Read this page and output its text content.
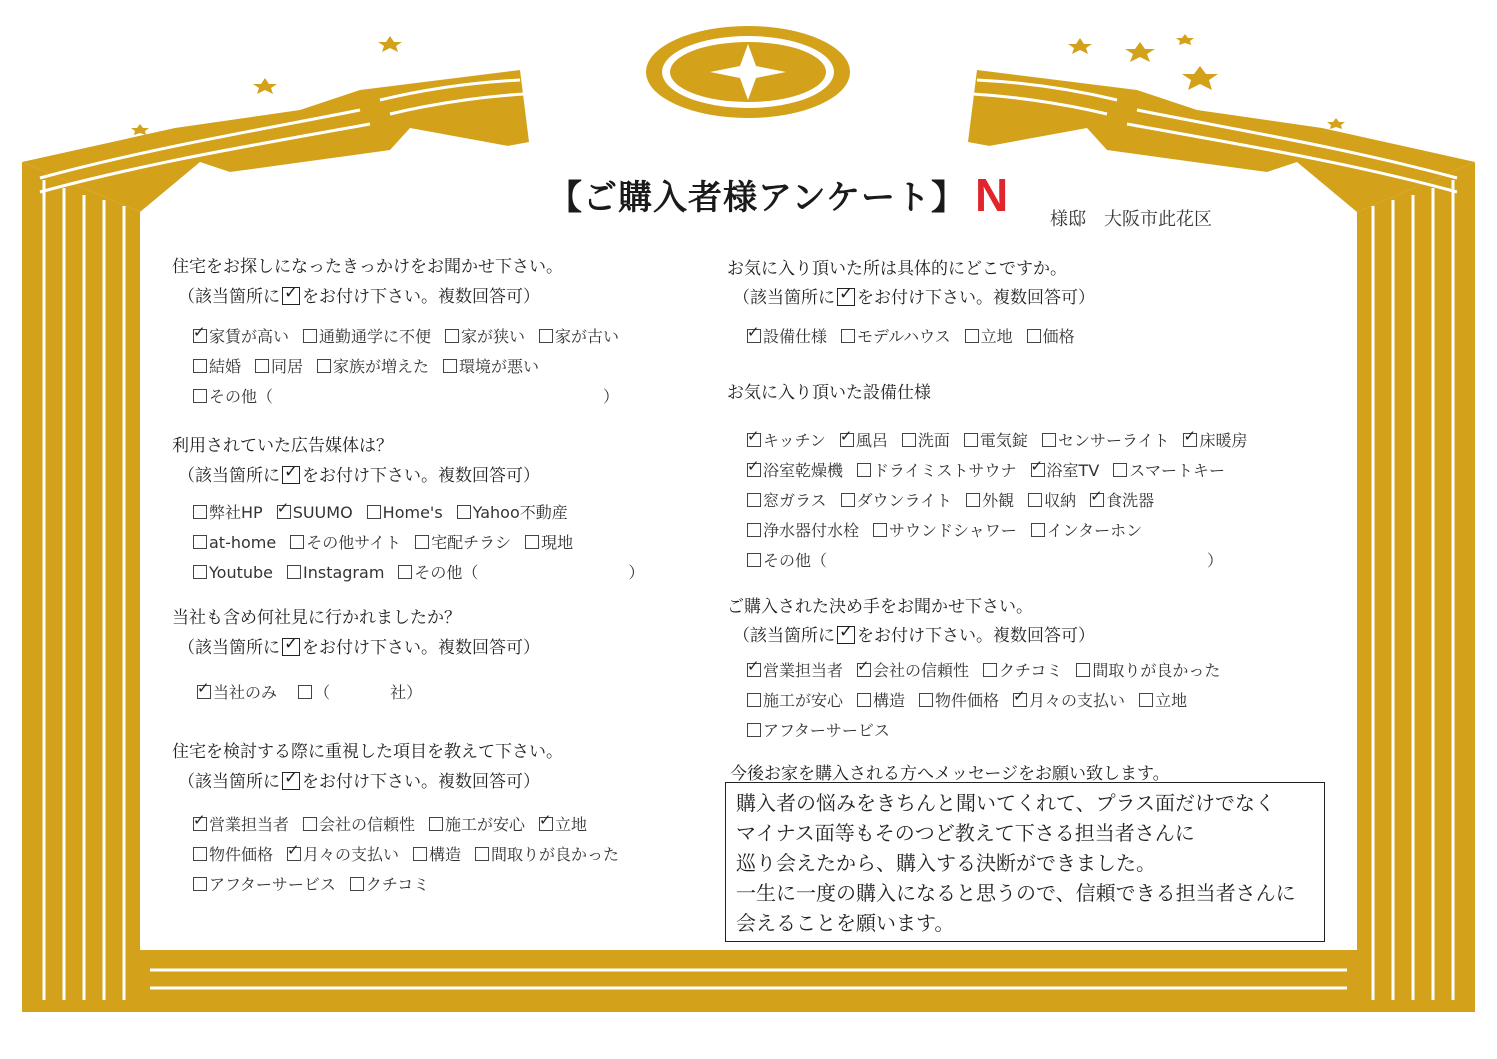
【ご購入者様アンケート】 N 様邸　大阪市此花区
住宅をお探しになったきっかけをお聞かせ下さい。
（該当箇所に ✓ をお付け下さい。複数回答可）
✓家賃が高い 通勤通学に不便 家が狭い 家が古い
結婚 同居 家族が増えた 環境が悪い
その他（	）
利用されていた広告媒体は？
（該当箇所に ✓ をお付け下さい。複数回答可）
弊社HP ✓ SUUMO Home's Yahoo不動産
at-home その他サイト 宅配チラシ 現地
Youtube Instagram その他（	）
当社も含め何社見に行かれましたか？
（該当箇所に ✓ をお付け下さい。複数回答可）
✓当社のみ （	社）
住宅を検討する際に重視した項目を教えて下さい。
（該当箇所に ✓ をお付け下さい。複数回答可）
✓営業担当者 会社の信頼性 施工が安心 ✓ 立地
物件価格 ✓ 月々の支払い 構造 間取りが良かった
アフターサービス クチコミ
お気に入り頂いた所は具体的にどこですか。
（該当箇所に ✓ をお付け下さい。複数回答可）
✓設備仕様 モデルハウス 立地 価格
お気に入り頂いた設備仕様
✓キッチン ✓ 風呂 洗面 電気錠 センサーライト ✓ 床暖房
✓浴室乾燥機 ドライミストサウナ ✓ 浴室TV スマートキー
窓ガラス ダウンライト 外観 収納 ✓ 食洗器
浄水器付水栓 サウンドシャワー インターホン
その他（	）
ご購入された決め手をお聞かせ下さい。
（該当箇所に ✓ をお付け下さい。複数回答可）
✓営業担当者 ✓ 会社の信頼性 クチコミ 間取りが良かった
施工が安心 構造 物件価格 ✓ 月々の支払い 立地
アフターサービス
今後お家を購入される方へメッセージをお願い致します。
購入者の悩みをきちんと聞いてくれて、プラス面だけでなく
マイナス面等もそのつど教えて下さる担当者さんに
巡り会えたから、購入する決断ができました。
一生に一度の購入になると思うので、信頼できる担当者さんに
会えることを願います。
